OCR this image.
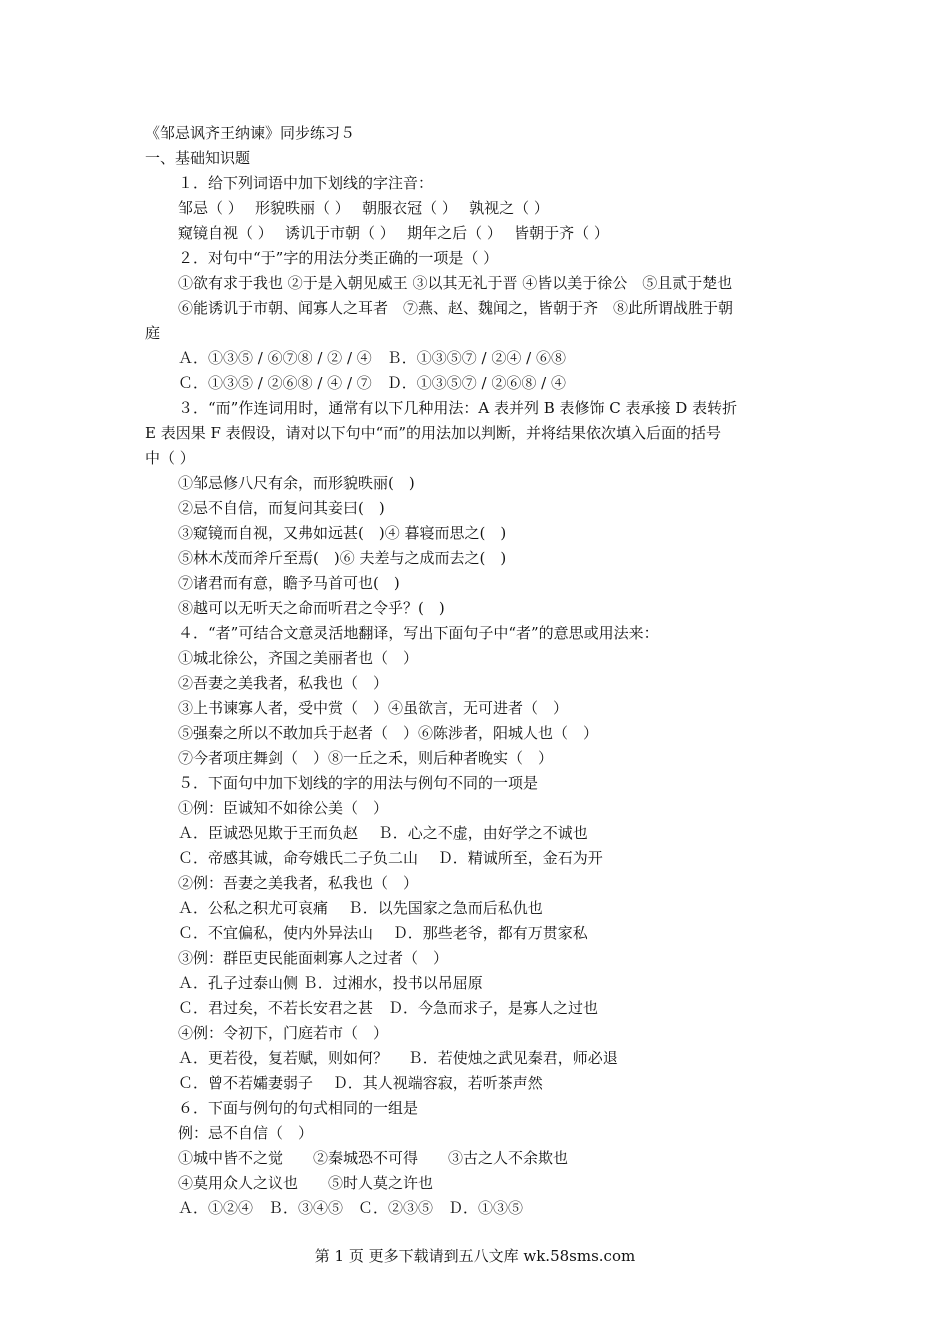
《邹忌讽齐王纳谏》同步练习５
一、基础知识题
１．给下列词语中加下划线的字注音：
邹忌（ ）　 形貌昳丽（ ）　 朝服衣冠（ ）　 孰视之（ ）
窥镜自视（ ）　 诱讥于市朝（ ）　 期年之后（ ）　 皆朝于齐（ ）
２．对句中“于”字的用法分类正确的一项是（ ）
①欲有求于我也 ②于是入朝见威王 ③以其无礼于晋 ④皆以美于徐公　⑤且贰于楚也
⑥能诱讥于市朝、闻寡人之耳者　⑦燕、赵、魏闻之，皆朝于齐　⑧此所谓战胜于朝
庭
Ａ．①③⑤ / ⑥⑦⑧ / ② / ④　Ｂ．①③⑤⑦ / ②④ / ⑥⑧
Ｃ．①③⑤ / ②⑥⑧ / ④ / ⑦　Ｄ．①③⑤⑦ / ②⑥⑧ / ④
３．“而”作连词用时，通常有以下几种用法：A 表并列 B 表修饰 C 表承接 D 表转折
E 表因果 F 表假设，请对以下句中“而”的用法加以判断，并将结果依次填入后面的括号
中（ ）
①邹忌修八尺有余，而形貌昳丽(　)
②忌不自信，而复问其妾曰(　)
③窥镜而自视，又弗如远甚(　)④ 暮寝而思之(　)
⑤林木茂而斧斤至焉(　)⑥ 夫差与之成而去之(　)
⑦诸君而有意，瞻予马首可也(　)
⑧越可以无听天之命而听君之令乎？(　)
４．“者”可结合文意灵活地翻译，写出下面句子中“者”的意思或用法来：
①城北徐公，齐国之美丽者也（　）
②吾妻之美我者，私我也（　）
③上书谏寡人者，受中赏（　）④虽欲言，无可进者（　）
⑤强秦之所以不敢加兵于赵者（　）⑥陈涉者，阳城人也（　）
⑦今者项庄舞剑（　）⑧一丘之禾，则后种者晚实（　）
５．下面句中加下划线的字的用法与例句不同的一项是
①例：臣诚知不如徐公美（　）
Ａ．臣诚恐见欺于王而负赵　 Ｂ．心之不虚，由好学之不诚也
Ｃ．帝感其诚，命夸娥氏二子负二山　 Ｄ．精诚所至，金石为开
②例：吾妻之美我者，私我也（　）
Ａ．公私之积尤可哀痛　 Ｂ．以先国家之急而后私仇也
Ｃ．不宜偏私，使内外异法山　 Ｄ．那些老爷，都有万贯家私
③例：群臣吏民能面刺寡人之过者（　）
Ａ．孔子过泰山侧 Ｂ．过湘水，投书以吊屈原
Ｃ．君过矣，不若长安君之甚　Ｄ．今急而求子，是寡人之过也
④例：令初下，门庭若市（　）
Ａ．更若役，复若赋，则如何？　 Ｂ．若使烛之武见秦君，师必退
Ｃ．曾不若孀妻弱子　 Ｄ．其人视端容寂，若听茶声然
６．下面与例句的句式相同的一组是
例：忌不自信（　）
①城中皆不之觉　　②秦城恐不可得　　③古之人不余欺也
④莫用众人之议也　　⑤时人莫之许也
Ａ．①②④　Ｂ．③④⑤　Ｃ．②③⑤　Ｄ．①③⑤
第 1 页 更多下载请到五八文库 wk.58sms.com
